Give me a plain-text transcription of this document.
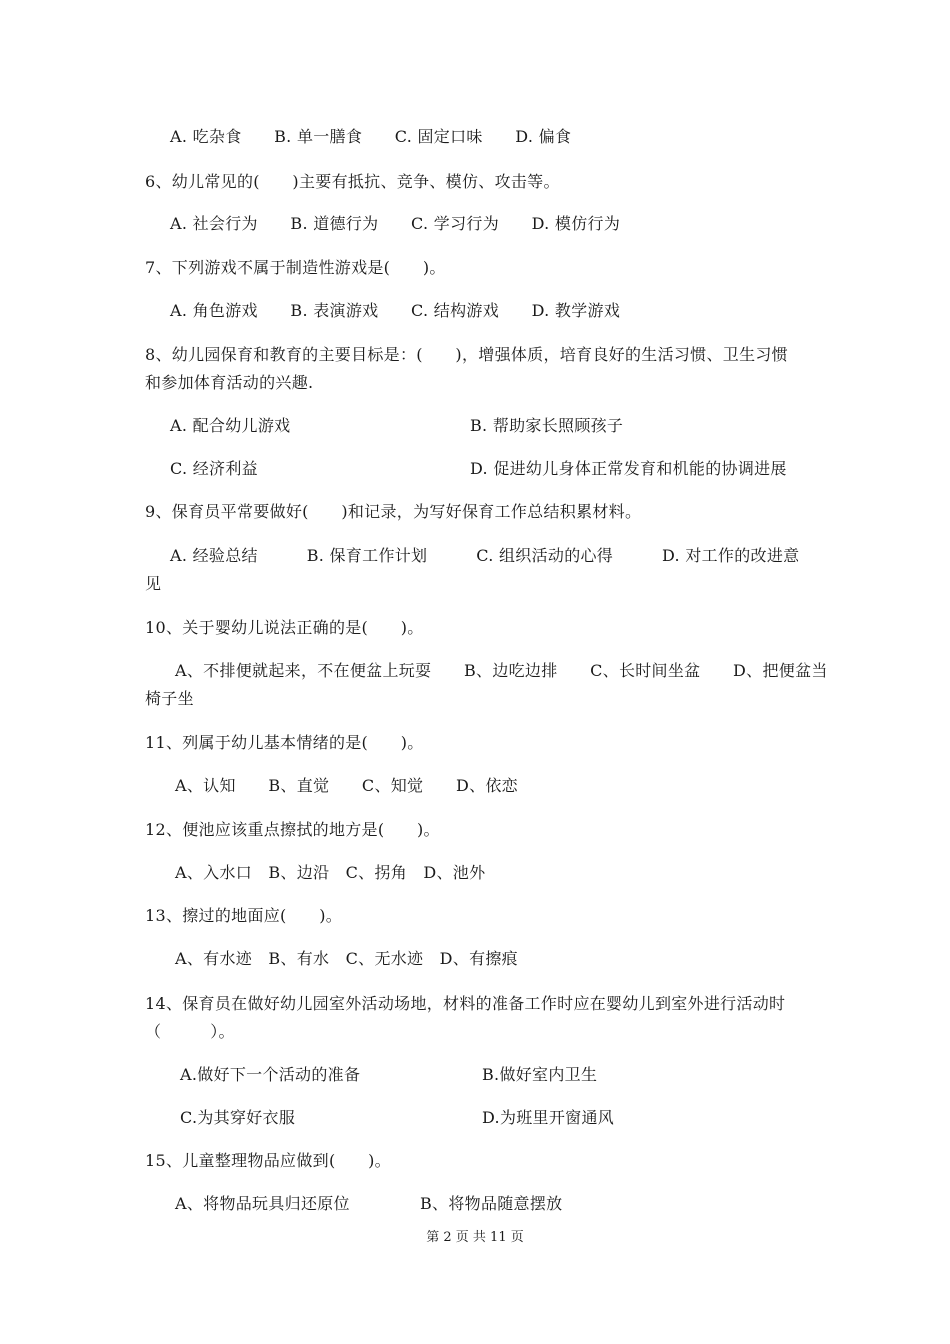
A. 吃杂食　　B. 单一膳食　　C. 固定口味　　D. 偏食
6、幼儿常见的(　　)主要有抵抗、竞争、模仿、攻击等。
A. 社会行为　　B. 道德行为　　C. 学习行为　　D. 模仿行为
7、下列游戏不属于制造性游戏是(　　)。
A. 角色游戏　　B. 表演游戏　　C. 结构游戏　　D. 教学游戏
8、幼儿园保育和教育的主要目标是：(　　)，增强体质，培育良好的生活习惯、卫生习惯
和参加体育活动的兴趣.
A. 配合幼儿游戏	B. 帮助家长照顾孩子
C. 经济利益	D. 促进幼儿身体正常发育和机能的协调进展
9、保育员平常要做好(　　)和记录，为写好保育工作总结积累材料。
A. 经验总结　　　B. 保育工作计划　　　C. 组织活动的心得　　　D. 对工作的改进意
见
10、关于婴幼儿说法正确的是(　　)。
A、不排便就起来，不在便盆上玩耍　　B、边吃边排　　C、长时间坐盆　　D、把便盆当
椅子坐
11、列属于幼儿基本情绪的是(　　)。
A、认知　　B、直觉　　C、知觉　　D、依恋
12、便池应该重点擦拭的地方是(　　)。
A、入水口　B、边沿　C、拐角　D、池外
13、擦过的地面应(　　)。
A、有水迹　B、有水　C、无水迹　D、有擦痕
14、保育员在做好幼儿园室外活动场地，材料的准备工作时应在婴幼儿到室外进行活动时
（　　　）。
A.做好下一个活动的准备	B.做好室内卫生
C.为其穿好衣服	D.为班里开窗通风
15、儿童整理物品应做到(　　)。
A、将物品玩具归还原位	B、将物品随意摆放
第 2 页 共 11 页
